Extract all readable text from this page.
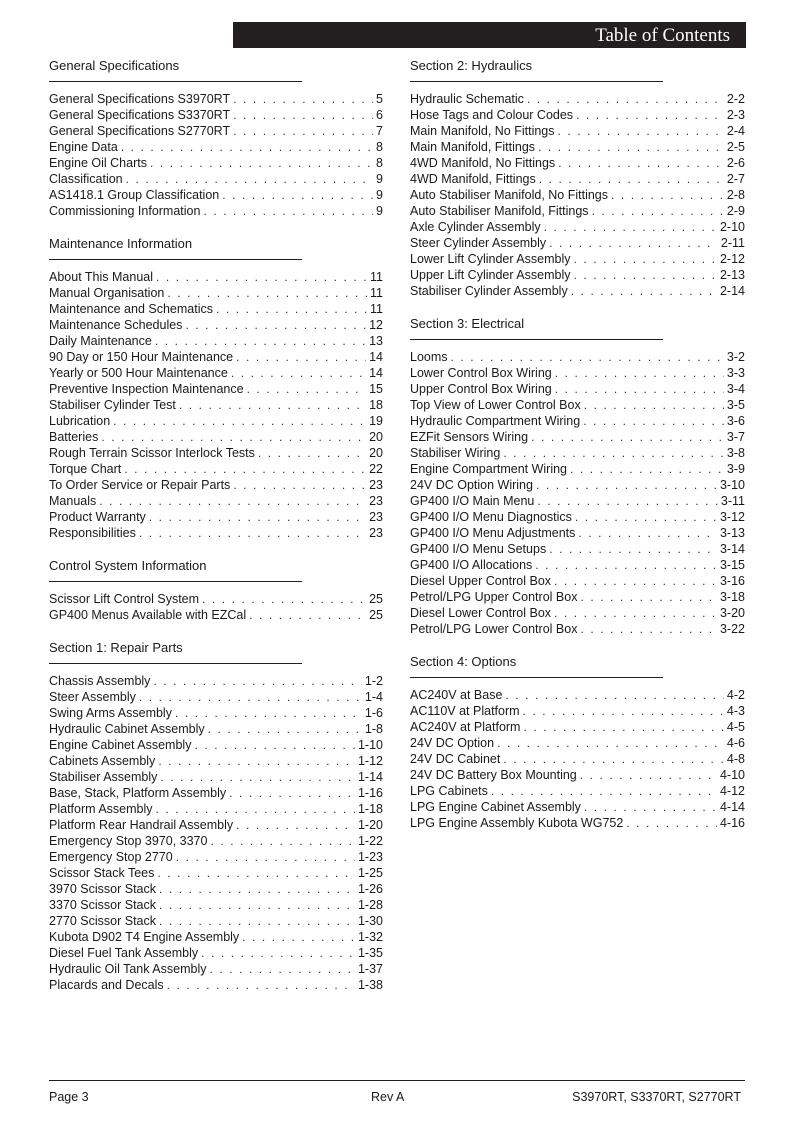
Table of Contents
General Specifications
General Specifications S3970RT . . .	5
General Specifications S3370RT . . .	6
General Specifications S2770RT . . .	7
Engine Data . . .	8
Engine Oil Charts . . .	8
Classification . . .	9
AS1418.1 Group Classification . . .	9
Commissioning Information . . .	9
Maintenance Information
About This Manual . . .	11
Manual Organisation . . .	11
Maintenance and Schematics . . .	11
Maintenance Schedules . . .	12
Daily Maintenance . . .	13
90 Day or 150 Hour Maintenance . . .	14
Yearly or 500 Hour Maintenance . . .	14
Preventive Inspection Maintenance . . .	15
Stabiliser Cylinder Test . . .	18
Lubrication . . .	19
Batteries . . .	20
Rough Terrain Scissor Interlock Tests . . .	20
Torque Chart . . .	22
To Order Service or Repair Parts . . .	23
Manuals . . .	23
Product Warranty . . .	23
Responsibilities . . .	23
Control System Information
Scissor Lift Control System . . .	25
GP400 Menus Available with EZCal . . .	25
Section 1: Repair Parts
Chassis Assembly . . .	1-2
Steer Assembly . . .	1-4
Swing Arms Assembly . . .	1-6
Hydraulic Cabinet Assembly . . .	1-8
Engine Cabinet Assembly . . .	1-10
Cabinets Assembly . . .	1-12
Stabiliser Assembly . . .	1-14
Base, Stack, Platform Assembly . . .	1-16
Platform Assembly . . .	1-18
Platform Rear Handrail Assembly . . .	1-20
Emergency Stop 3970, 3370 . . .	1-22
Emergency Stop 2770 . . .	1-23
Scissor Stack Tees . . .	1-25
3970 Scissor Stack . . .	1-26
3370 Scissor Stack . . .	1-28
2770 Scissor Stack . . .	1-30
Kubota D902 T4 Engine Assembly . . .	1-32
Diesel Fuel Tank Assembly . . .	1-35
Hydraulic Oil Tank Assembly . . .	1-37
Placards and Decals . . .	1-38
Section 2: Hydraulics
Hydraulic Schematic . . .	2-2
Hose Tags and Colour Codes . . .	2-3
Main Manifold, No Fittings . . .	2-4
Main Manifold, Fittings . . .	2-5
4WD Manifold, No Fittings . . .	2-6
4WD Manifold, Fittings . . .	2-7
Auto Stabiliser Manifold, No Fittings . . .	2-8
Auto Stabiliser Manifold, Fittings . . .	2-9
Axle Cylinder Assembly . . .	2-10
Steer Cylinder Assembly . . .	2-11
Lower Lift Cylinder Assembly . . .	2-12
Upper Lift Cylinder Assembly . . .	2-13
Stabiliser Cylinder Assembly . . .	2-14
Section 3: Electrical
Looms . . .	3-2
Lower Control Box Wiring . . .	3-3
Upper Control Box Wiring . . .	3-4
Top View of Lower Control Box . . .	3-5
Hydraulic Compartment Wiring . . .	3-6
EZFit Sensors Wiring . . .	3-7
Stabiliser Wiring . . .	3-8
Engine Compartment Wiring . . .	3-9
24V DC Option Wiring . . .	3-10
GP400 I/O Main Menu . . .	3-11
GP400 I/O Menu Diagnostics . . .	3-12
GP400 I/O Menu Adjustments . . .	3-13
GP400 I/O Menu Setups . . .	3-14
GP400 I/O Allocations . . .	3-15
Diesel Upper Control Box . . .	3-16
Petrol/LPG Upper Control Box . . .	3-18
Diesel Lower Control Box . . .	3-20
Petrol/LPG Lower Control Box . . .	3-22
Section 4: Options
AC240V at Base . . .	4-2
AC110V at Platform . . .	4-3
AC240V at Platform . . .	4-5
24V DC Option . . .	4-6
24V DC Cabinet . . .	4-8
24V DC Battery Box Mounting . . .	4-10
LPG Cabinets . . .	4-12
LPG Engine Cabinet Assembly . . .	4-14
LPG Engine Assembly Kubota WG752 . . .	4-16
Page 3	Rev A	S3970RT, S3370RT, S2770RT
